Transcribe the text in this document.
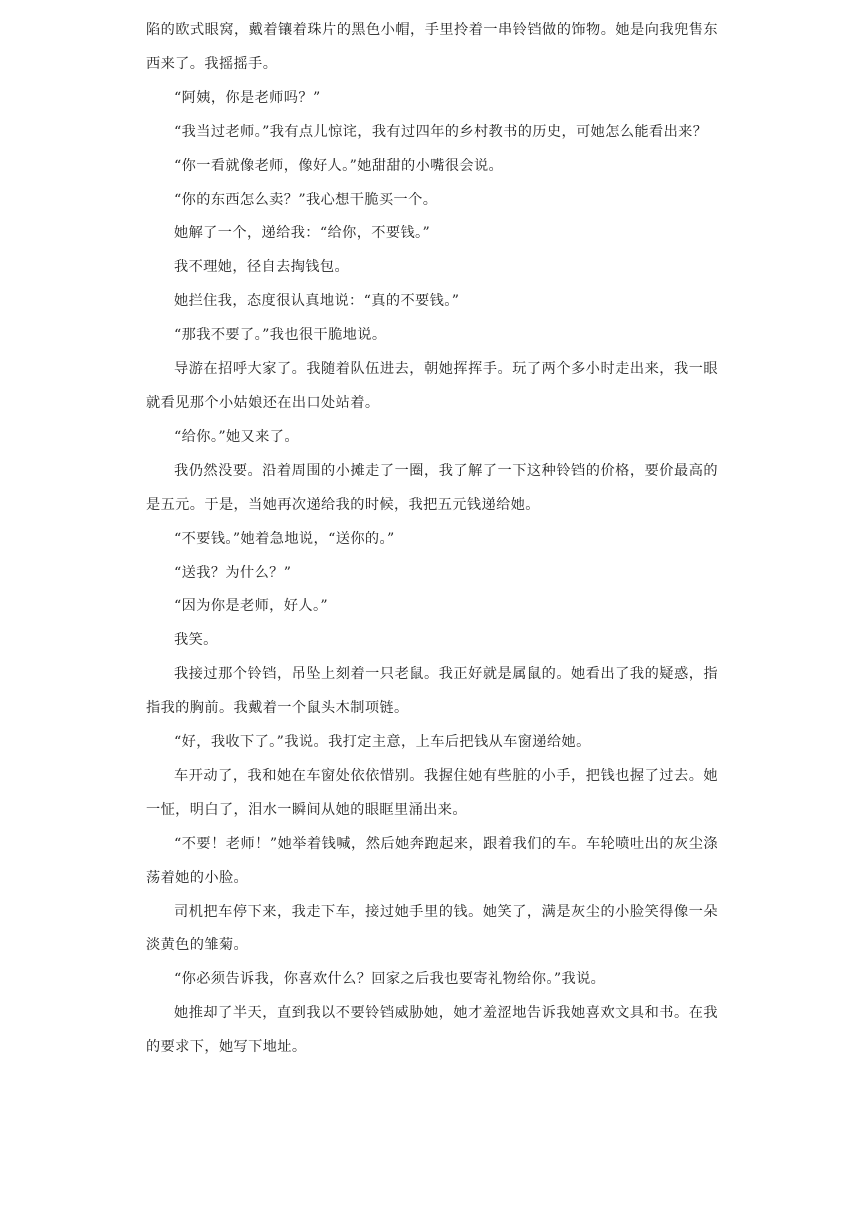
陷的欧式眼窝，戴着镶着珠片的黑色小帽，手里拎着一串铃铛做的饰物。她是向我兜售东西来了。我摇摇手。

“阿姨，你是老师吗？”

“我当过老师。”我有点儿惊诧，我有过四年的乡村教书的历史，可她怎么能看出来？

“你一看就像老师，像好人。”她甜甜的小嘴很会说。

“你的东西怎么卖？”我心想干脆买一个。

她解了一个，递给我：“给你，不要钱。”

我不理她，径自去掏钱包。

她拦住我，态度很认真地说：“真的不要钱。”

“那我不要了。”我也很干脆地说。

导游在招呼大家了。我随着队伍进去，朝她挥挥手。玩了两个多小时走出来，我一眼就看见那个小姑娘还在出口处站着。

“给你。”她又来了。

我仍然没要。沿着周围的小摊走了一圈，我了解了一下这种铃铛的价格，要价最高的是五元。于是，当她再次递给我的时候，我把五元钱递给她。

“不要钱。”她着急地说，“送你的。”

“送我？为什么？”

“因为你是老师，好人。”

我笑。

我接过那个铃铛，吊坠上刻着一只老鼠。我正好就是属鼠的。她看出了我的疑惑，指指我的胸前。我戴着一个鼠头木制项链。

“好，我收下了。”我说。我打定主意，上车后把钱从车窗递给她。

车开动了，我和她在车窗处依依惜别。我握住她有些脏的小手，把钱也握了过去。她一怔，明白了，泪水一瞬间从她的眼眶里涌出来。

“不要！老师！”她举着钱喊，然后她奔跑起来，跟着我们的车。车轮喷吐出的灰尘涤荡着她的小脸。

司机把车停下来，我走下车，接过她手里的钱。她笑了，满是灰尘的小脸笑得像一朵淡黄色的雏菊。

“你必须告诉我，你喜欢什么？回家之后我也要寄礼物给你。”我说。

她推却了半天，直到我以不要铃铛威胁她，她才羞涩地告诉我她喜欢文具和书。在我的要求下，她写下地址。
